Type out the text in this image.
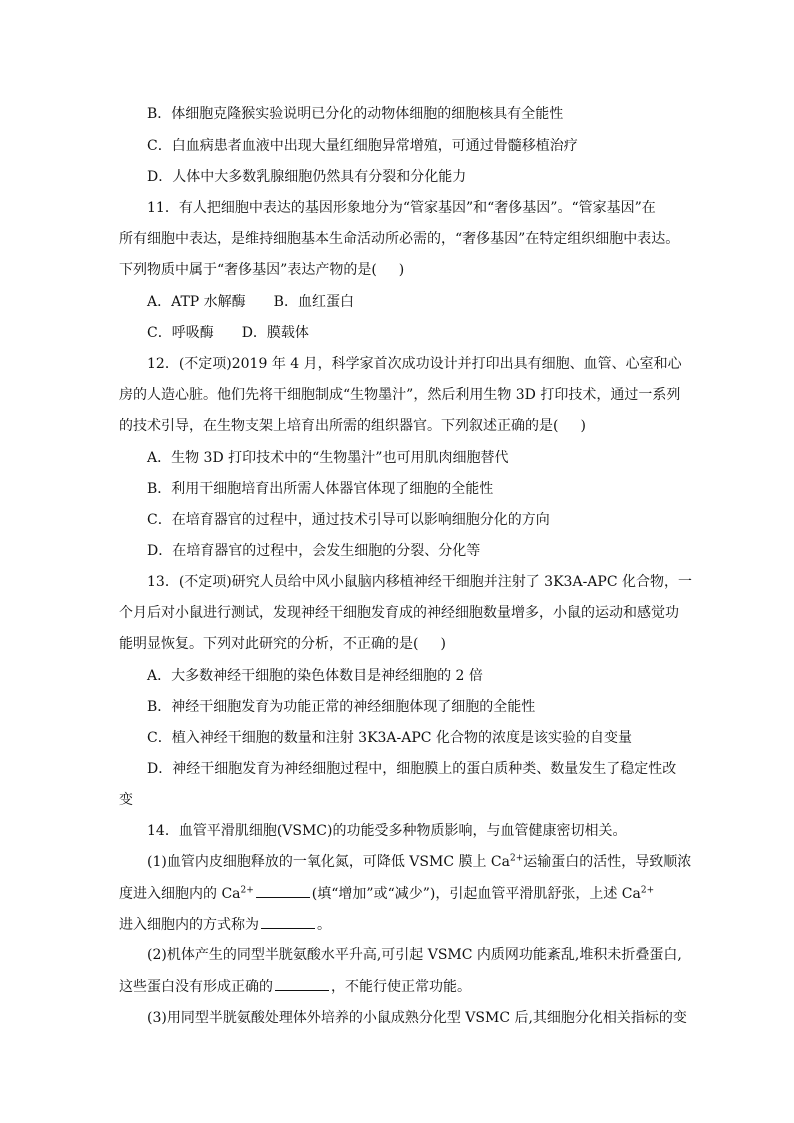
B．体细胞克隆猴实验说明已分化的动物体细胞的细胞核具有全能性
C．白血病患者血液中出现大量红细胞异常增殖，可通过骨髓移植治疗
D．人体中大多数乳腺细胞仍然具有分裂和分化能力
11．有人把细胞中表达的基因形象地分为“管家基因”和“奢侈基因”。“管家基因”在
所有细胞中表达，是维持细胞基本生命活动所必需的，“奢侈基因”在特定组织细胞中表达。
下列物质中属于“奢侈基因”表达产物的是( )
A．ATP 水解酶　　B．血红蛋白
C．呼吸酶　　D．膜载体
12．(不定项)2019 年 4 月，科学家首次成功设计并打印出具有细胞、血管、心室和心
房的人造心脏。他们先将干细胞制成“生物墨汁”，然后利用生物 3D 打印技术，通过一系列
的技术引导，在生物支架上培育出所需的组织器官。下列叙述正确的是( )
A．生物 3D 打印技术中的“生物墨汁”也可用肌肉细胞替代
B．利用干细胞培育出所需人体器官体现了细胞的全能性
C．在培育器官的过程中，通过技术引导可以影响细胞分化的方向
D．在培育器官的过程中，会发生细胞的分裂、分化等
13．(不定项)研究人员给中风小鼠脑内移植神经干细胞并注射了 3K3A-APC 化合物，一
个月后对小鼠进行测试，发现神经干细胞发育成的神经细胞数量增多，小鼠的运动和感觉功
能明显恢复。下列对此研究的分析，不正确的是( )
A．大多数神经干细胞的染色体数目是神经细胞的 2 倍
B．神经干细胞发育为功能正常的神经细胞体现了细胞的全能性
C．植入神经干细胞的数量和注射 3K3A-APC 化合物的浓度是该实验的自变量
D．神经干细胞发育为神经细胞过程中，细胞膜上的蛋白质种类、数量发生了稳定性改
变
14．血管平滑肌细胞(VSMC)的功能受多种物质影响，与血管健康密切相关。
(1)血管内皮细胞释放的一氧化氮，可降低 VSMC 膜上 $Ca^{2+}$运输蛋白的活性，导致顺浓
度进入细胞内的 $Ca^{2+}$	(填“增加”或“减少”)，引起血管平滑肌舒张，上述 $Ca^{2+}$
进入细胞内的方式称为	。
(2)机体产生的同型半胱氨酸水平升高,可引起 VSMC 内质网功能紊乱,堆积未折叠蛋白,
这些蛋白没有形成正确的	，不能行使正常功能。
(3)用同型半胱氨酸处理体外培养的小鼠成熟分化型 VSMC 后,其细胞分化相关指标的变
